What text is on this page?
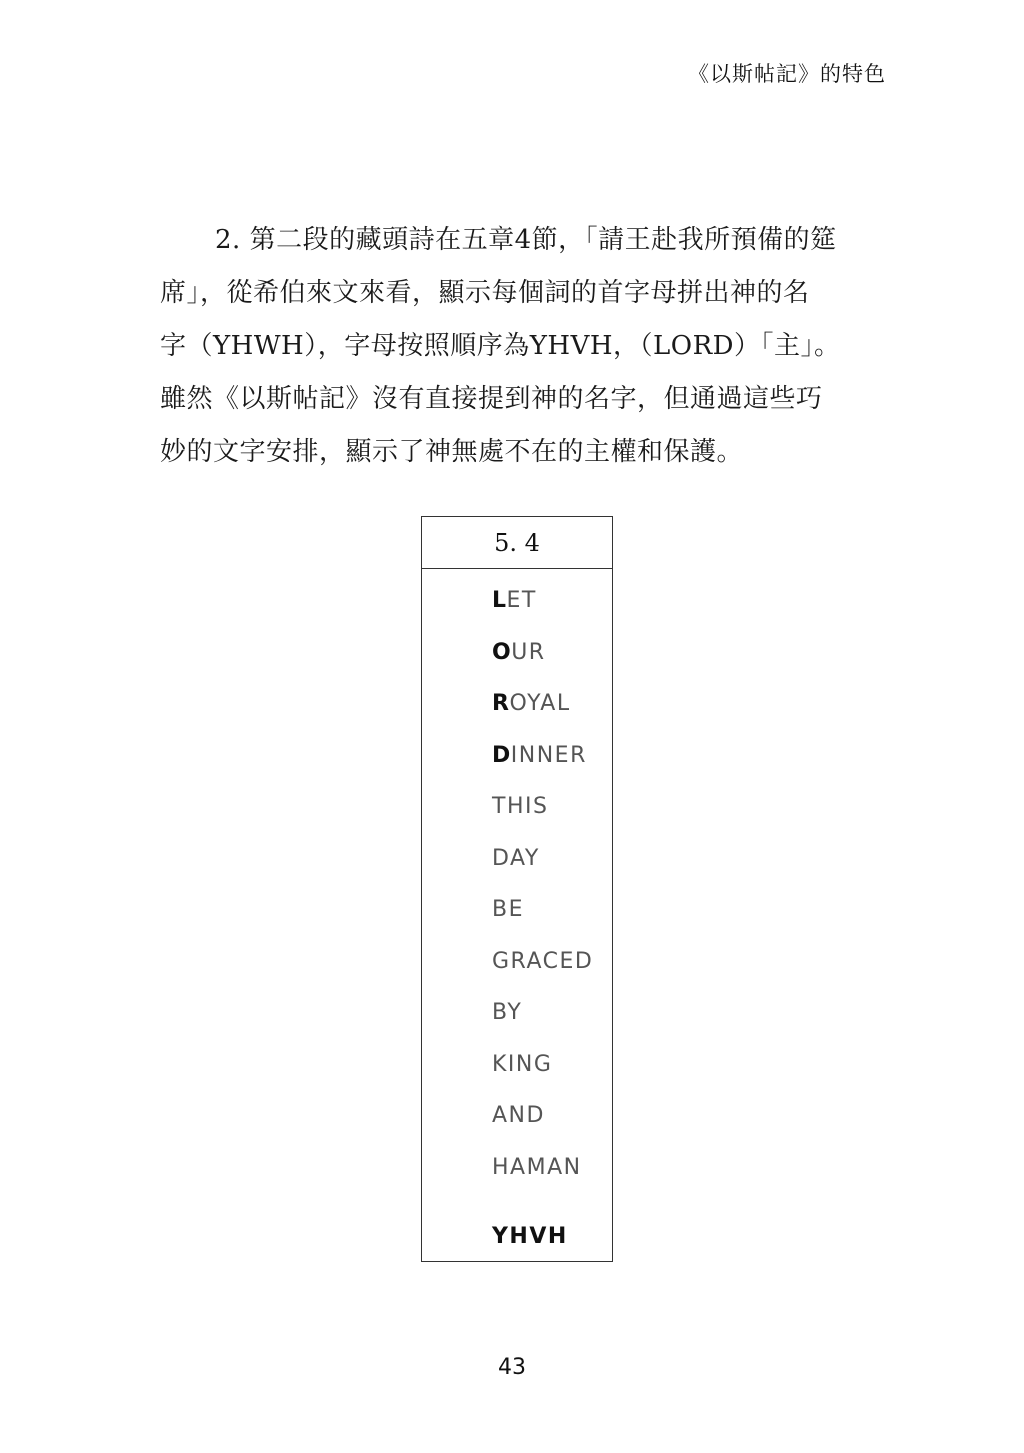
《以斯帖記》的特色
2. 第二段的藏頭詩在五章4節，「請王赴我所預備的筵
席」，從希伯來文來看，顯示每個詞的首字母拼出神的名
字（YHWH），字母按照順序為YHVH，（LORD）「主」。
雖然《以斯帖記》沒有直接提到神的名字，但通過這些巧
妙的文字安排，顯示了神無處不在的主權和保護。
5. 4
LET
OUR
ROYAL
DINNER
THIS
DAY
BE
GRACED
BY
KING
AND
HAMAN
YHVH
43
